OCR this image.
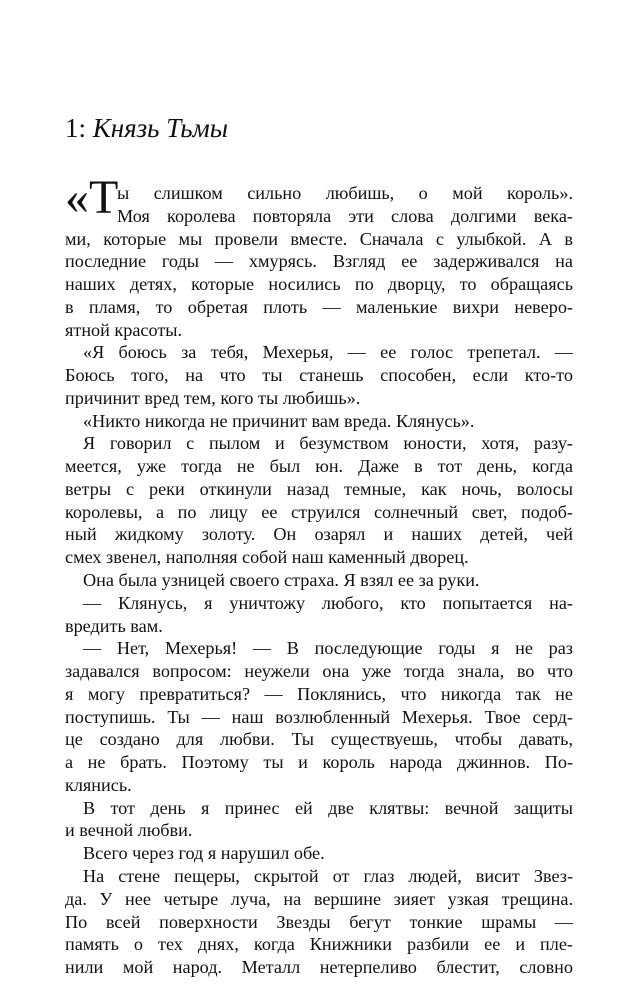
1: Князь Тьмы
«Т
ы слишком сильно любишь, о мой король».
Моя королева повторяла эти слова долгими века-
ми, которые мы провели вместе. Сначала с улыбкой. А в
последние годы — хмурясь. Взгляд ее задерживался на
наших детях, которые носились по дворцу, то обращаясь
в пламя, то обретая плоть — маленькие вихри неверо-
ятной красоты.
«Я боюсь за тебя, Мехерья, — ее голос трепетал. —
Боюсь того, на что ты станешь способен, если кто-то
причинит вред тем, кого ты любишь».
«Никто никогда не причинит вам вреда. Клянусь».
Я говорил с пылом и безумством юности, хотя, разу-
меется, уже тогда не был юн. Даже в тот день, когда
ветры с реки откинули назад темные, как ночь, волосы
королевы, а по лицу ее струился солнечный свет, подоб-
ный жидкому золоту. Он озарял и наших детей, чей
смех звенел, наполняя собой наш каменный дворец.
Она была узницей своего страха. Я взял ее за руки.
— Клянусь, я уничтожу любого, кто попытается на-
вредить вам.
— Нет, Мехерья! — В последующие годы я не раз
задавался вопросом: неужели она уже тогда знала, во что
я могу превратиться? — Поклянись, что никогда так не
поступишь. Ты — наш возлюбленный Мехерья. Твое серд-
це создано для любви. Ты существуешь, чтобы давать,
а не брать. Поэтому ты и король народа джиннов. По-
клянись.
В тот день я принес ей две клятвы: вечной защиты
и вечной любви.
Всего через год я нарушил обе.
На стене пещеры, скрытой от глаз людей, висит Звез-
да. У нее четыре луча, на вершине зияет узкая трещина.
По всей поверхности Звезды бегут тонкие шрамы —
память о тех днях, когда Книжники разбили ее и пле-
нили мой народ. Металл нетерпеливо блестит, словно
